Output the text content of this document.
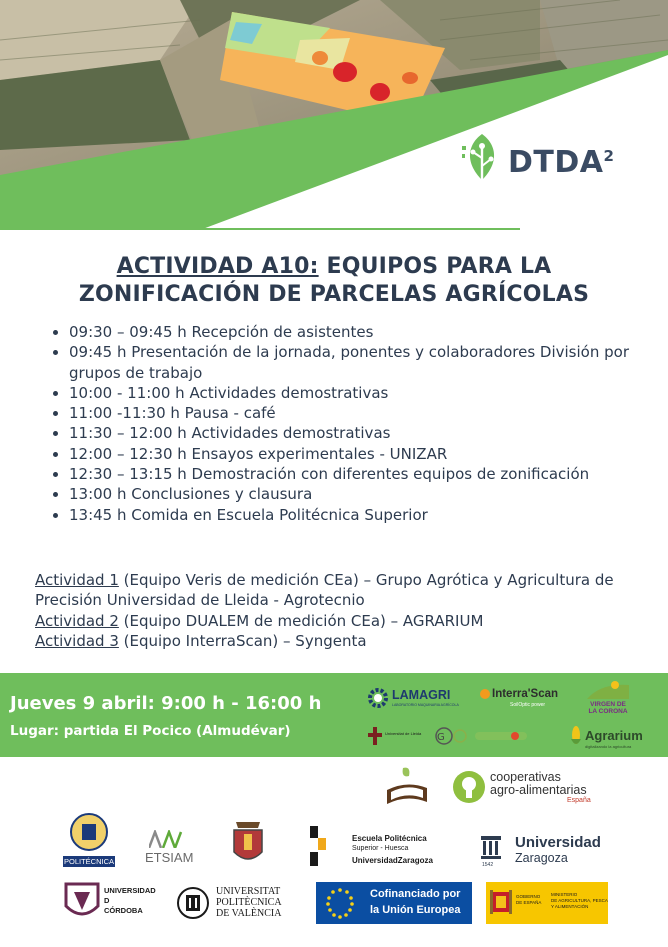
DTDA$^2$
ACTIVIDAD A10: EQUIPOS PARA LA
ZONIFICACIÓN DE PARCELAS AGRÍCOLAS
• 09:30 – 09:45 h Recepción de asistentes
• 09:45 h Presentación de la jornada, ponentes y colaboradores División por grupos de trabajo
• 10:00 - 11:00 h Actividades demostrativas
• 11:00 -11:30 h Pausa - café
• 11:30 – 12:00 h Actividades demostrativas
• 12:00 – 12:30 h Ensayos experimentales - UNIZAR
• 12:30 – 13:15 h Demostración con diferentes equipos de zonificación
• 13:00 h Conclusiones y clausura
• 13:45 h Comida en Escuela Politécnica Superior
Actividad 1 (Equipo Veris de medición CEa) – Grupo Agrótica y Agricultura de Precisión Universidad de Lleida - Agrotecnio
Actividad 2 (Equipo DUALEM de medición CEa) – AGRARIUM
Actividad 3 (Equipo InterraScan) – Syngenta
Jueves 9 abril: 9:00 h - 16:00 h
Lugar: partida El Pocico (Almudévar)
LAMAGRI
LABORATORIO MAQUINARIA AGRÍCOLA
Interra'Scan
SoilOptic power	VIRGEN DE LA CORONA
Universitat de Lleida G	Agrarium
digitalizando la agricultura
cooperativas
agro-alimentarias
España
POLITÉCNICA ETSIAM
Escuela Politécnica
Superior - Huesca
UniversidadZaragoza	1542
Universidad
Zaragoza
UNIVERSIDAD
D
CÓRDOBA
UNIVERSITAT
POLITÈCNICA
DE VALÈNCIA
Cofinanciado por
la Unión Europea
GOBIERNO
DE ESPAÑA
MINISTERIO
DE AGRICULTURA, PESCA
Y ALIMENTACIÓN
